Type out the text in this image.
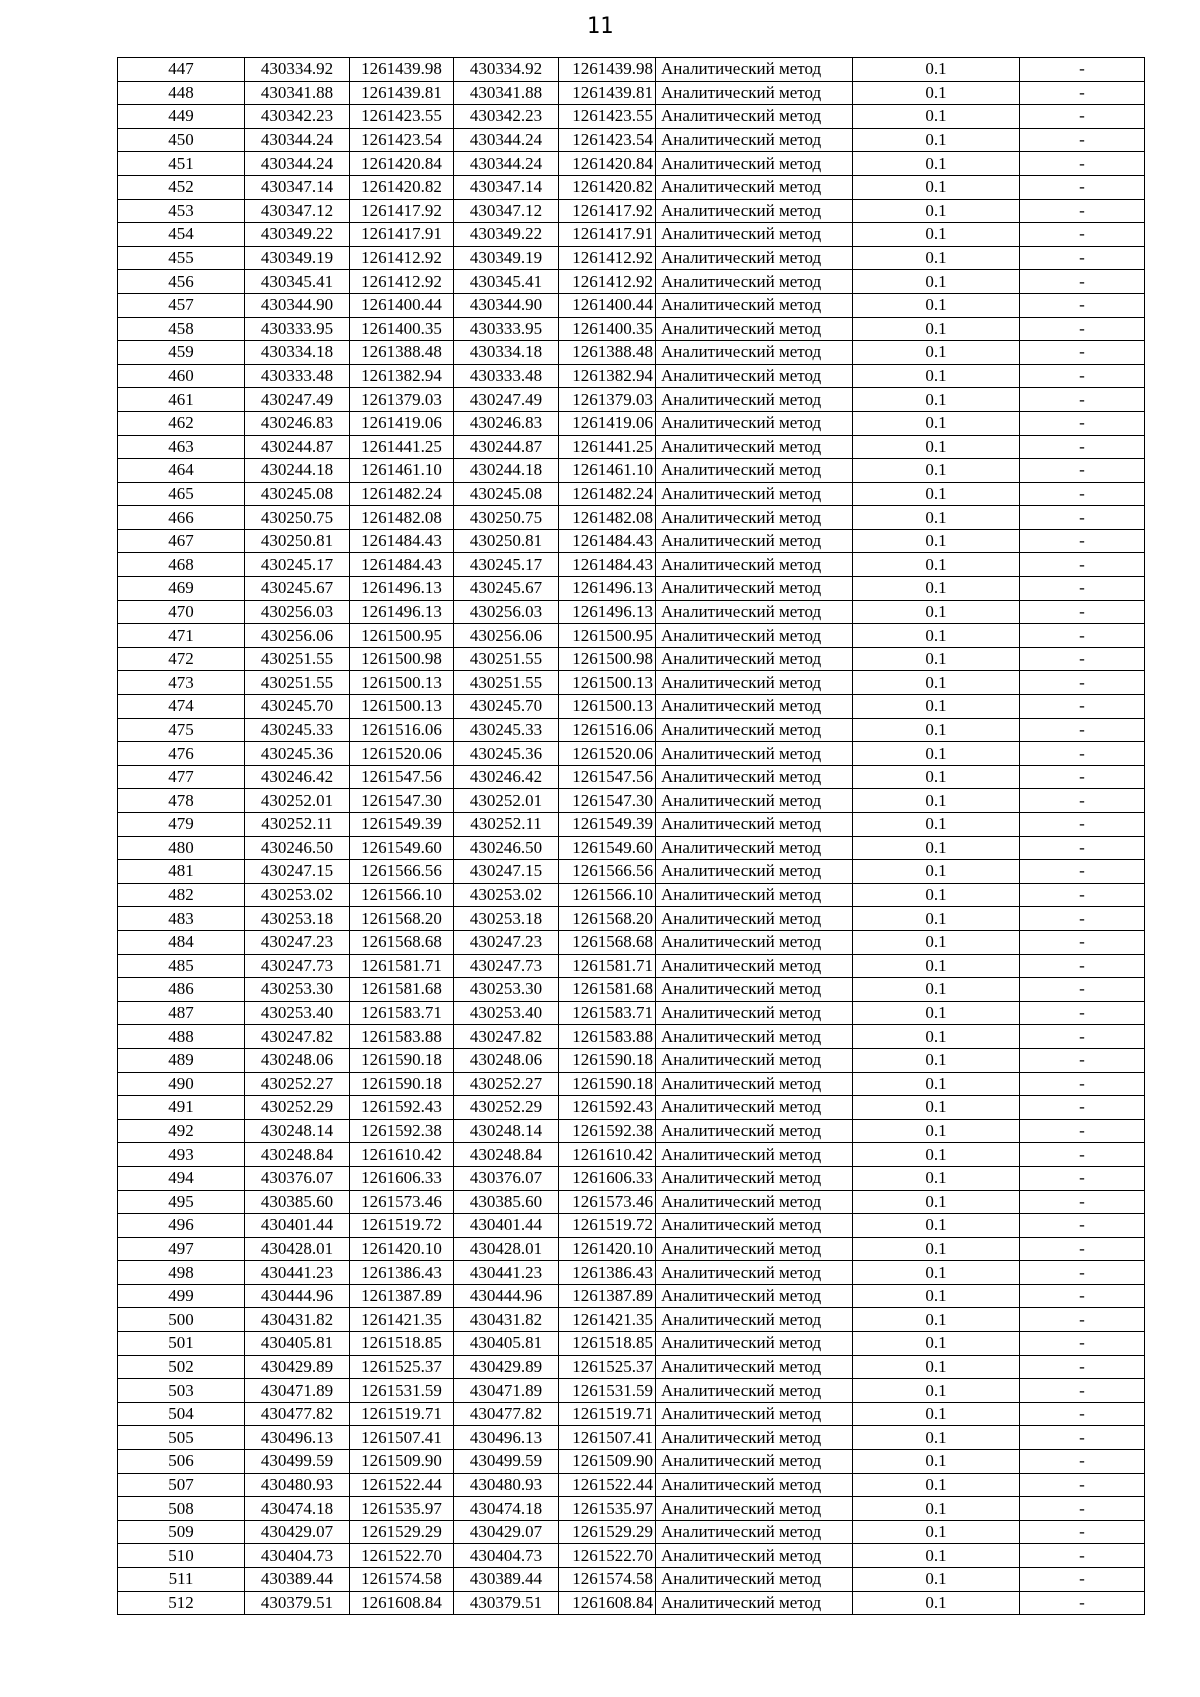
11
447	430334.92	1261439.98	430334.92	1261439.98	Аналитический метод	0.1	-
448	430341.88	1261439.81	430341.88	1261439.81	Аналитический метод	0.1	-
449	430342.23	1261423.55	430342.23	1261423.55	Аналитический метод	0.1	-
450	430344.24	1261423.54	430344.24	1261423.54	Аналитический метод	0.1	-
451	430344.24	1261420.84	430344.24	1261420.84	Аналитический метод	0.1	-
452	430347.14	1261420.82	430347.14	1261420.82	Аналитический метод	0.1	-
453	430347.12	1261417.92	430347.12	1261417.92	Аналитический метод	0.1	-
454	430349.22	1261417.91	430349.22	1261417.91	Аналитический метод	0.1	-
455	430349.19	1261412.92	430349.19	1261412.92	Аналитический метод	0.1	-
456	430345.41	1261412.92	430345.41	1261412.92	Аналитический метод	0.1	-
457	430344.90	1261400.44	430344.90	1261400.44	Аналитический метод	0.1	-
458	430333.95	1261400.35	430333.95	1261400.35	Аналитический метод	0.1	-
459	430334.18	1261388.48	430334.18	1261388.48	Аналитический метод	0.1	-
460	430333.48	1261382.94	430333.48	1261382.94	Аналитический метод	0.1	-
461	430247.49	1261379.03	430247.49	1261379.03	Аналитический метод	0.1	-
462	430246.83	1261419.06	430246.83	1261419.06	Аналитический метод	0.1	-
463	430244.87	1261441.25	430244.87	1261441.25	Аналитический метод	0.1	-
464	430244.18	1261461.10	430244.18	1261461.10	Аналитический метод	0.1	-
465	430245.08	1261482.24	430245.08	1261482.24	Аналитический метод	0.1	-
466	430250.75	1261482.08	430250.75	1261482.08	Аналитический метод	0.1	-
467	430250.81	1261484.43	430250.81	1261484.43	Аналитический метод	0.1	-
468	430245.17	1261484.43	430245.17	1261484.43	Аналитический метод	0.1	-
469	430245.67	1261496.13	430245.67	1261496.13	Аналитический метод	0.1	-
470	430256.03	1261496.13	430256.03	1261496.13	Аналитический метод	0.1	-
471	430256.06	1261500.95	430256.06	1261500.95	Аналитический метод	0.1	-
472	430251.55	1261500.98	430251.55	1261500.98	Аналитический метод	0.1	-
473	430251.55	1261500.13	430251.55	1261500.13	Аналитический метод	0.1	-
474	430245.70	1261500.13	430245.70	1261500.13	Аналитический метод	0.1	-
475	430245.33	1261516.06	430245.33	1261516.06	Аналитический метод	0.1	-
476	430245.36	1261520.06	430245.36	1261520.06	Аналитический метод	0.1	-
477	430246.42	1261547.56	430246.42	1261547.56	Аналитический метод	0.1	-
478	430252.01	1261547.30	430252.01	1261547.30	Аналитический метод	0.1	-
479	430252.11	1261549.39	430252.11	1261549.39	Аналитический метод	0.1	-
480	430246.50	1261549.60	430246.50	1261549.60	Аналитический метод	0.1	-
481	430247.15	1261566.56	430247.15	1261566.56	Аналитический метод	0.1	-
482	430253.02	1261566.10	430253.02	1261566.10	Аналитический метод	0.1	-
483	430253.18	1261568.20	430253.18	1261568.20	Аналитический метод	0.1	-
484	430247.23	1261568.68	430247.23	1261568.68	Аналитический метод	0.1	-
485	430247.73	1261581.71	430247.73	1261581.71	Аналитический метод	0.1	-
486	430253.30	1261581.68	430253.30	1261581.68	Аналитический метод	0.1	-
487	430253.40	1261583.71	430253.40	1261583.71	Аналитический метод	0.1	-
488	430247.82	1261583.88	430247.82	1261583.88	Аналитический метод	0.1	-
489	430248.06	1261590.18	430248.06	1261590.18	Аналитический метод	0.1	-
490	430252.27	1261590.18	430252.27	1261590.18	Аналитический метод	0.1	-
491	430252.29	1261592.43	430252.29	1261592.43	Аналитический метод	0.1	-
492	430248.14	1261592.38	430248.14	1261592.38	Аналитический метод	0.1	-
493	430248.84	1261610.42	430248.84	1261610.42	Аналитический метод	0.1	-
494	430376.07	1261606.33	430376.07	1261606.33	Аналитический метод	0.1	-
495	430385.60	1261573.46	430385.60	1261573.46	Аналитический метод	0.1	-
496	430401.44	1261519.72	430401.44	1261519.72	Аналитический метод	0.1	-
497	430428.01	1261420.10	430428.01	1261420.10	Аналитический метод	0.1	-
498	430441.23	1261386.43	430441.23	1261386.43	Аналитический метод	0.1	-
499	430444.96	1261387.89	430444.96	1261387.89	Аналитический метод	0.1	-
500	430431.82	1261421.35	430431.82	1261421.35	Аналитический метод	0.1	-
501	430405.81	1261518.85	430405.81	1261518.85	Аналитический метод	0.1	-
502	430429.89	1261525.37	430429.89	1261525.37	Аналитический метод	0.1	-
503	430471.89	1261531.59	430471.89	1261531.59	Аналитический метод	0.1	-
504	430477.82	1261519.71	430477.82	1261519.71	Аналитический метод	0.1	-
505	430496.13	1261507.41	430496.13	1261507.41	Аналитический метод	0.1	-
506	430499.59	1261509.90	430499.59	1261509.90	Аналитический метод	0.1	-
507	430480.93	1261522.44	430480.93	1261522.44	Аналитический метод	0.1	-
508	430474.18	1261535.97	430474.18	1261535.97	Аналитический метод	0.1	-
509	430429.07	1261529.29	430429.07	1261529.29	Аналитический метод	0.1	-
510	430404.73	1261522.70	430404.73	1261522.70	Аналитический метод	0.1	-
511	430389.44	1261574.58	430389.44	1261574.58	Аналитический метод	0.1	-
512	430379.51	1261608.84	430379.51	1261608.84	Аналитический метод	0.1	-
